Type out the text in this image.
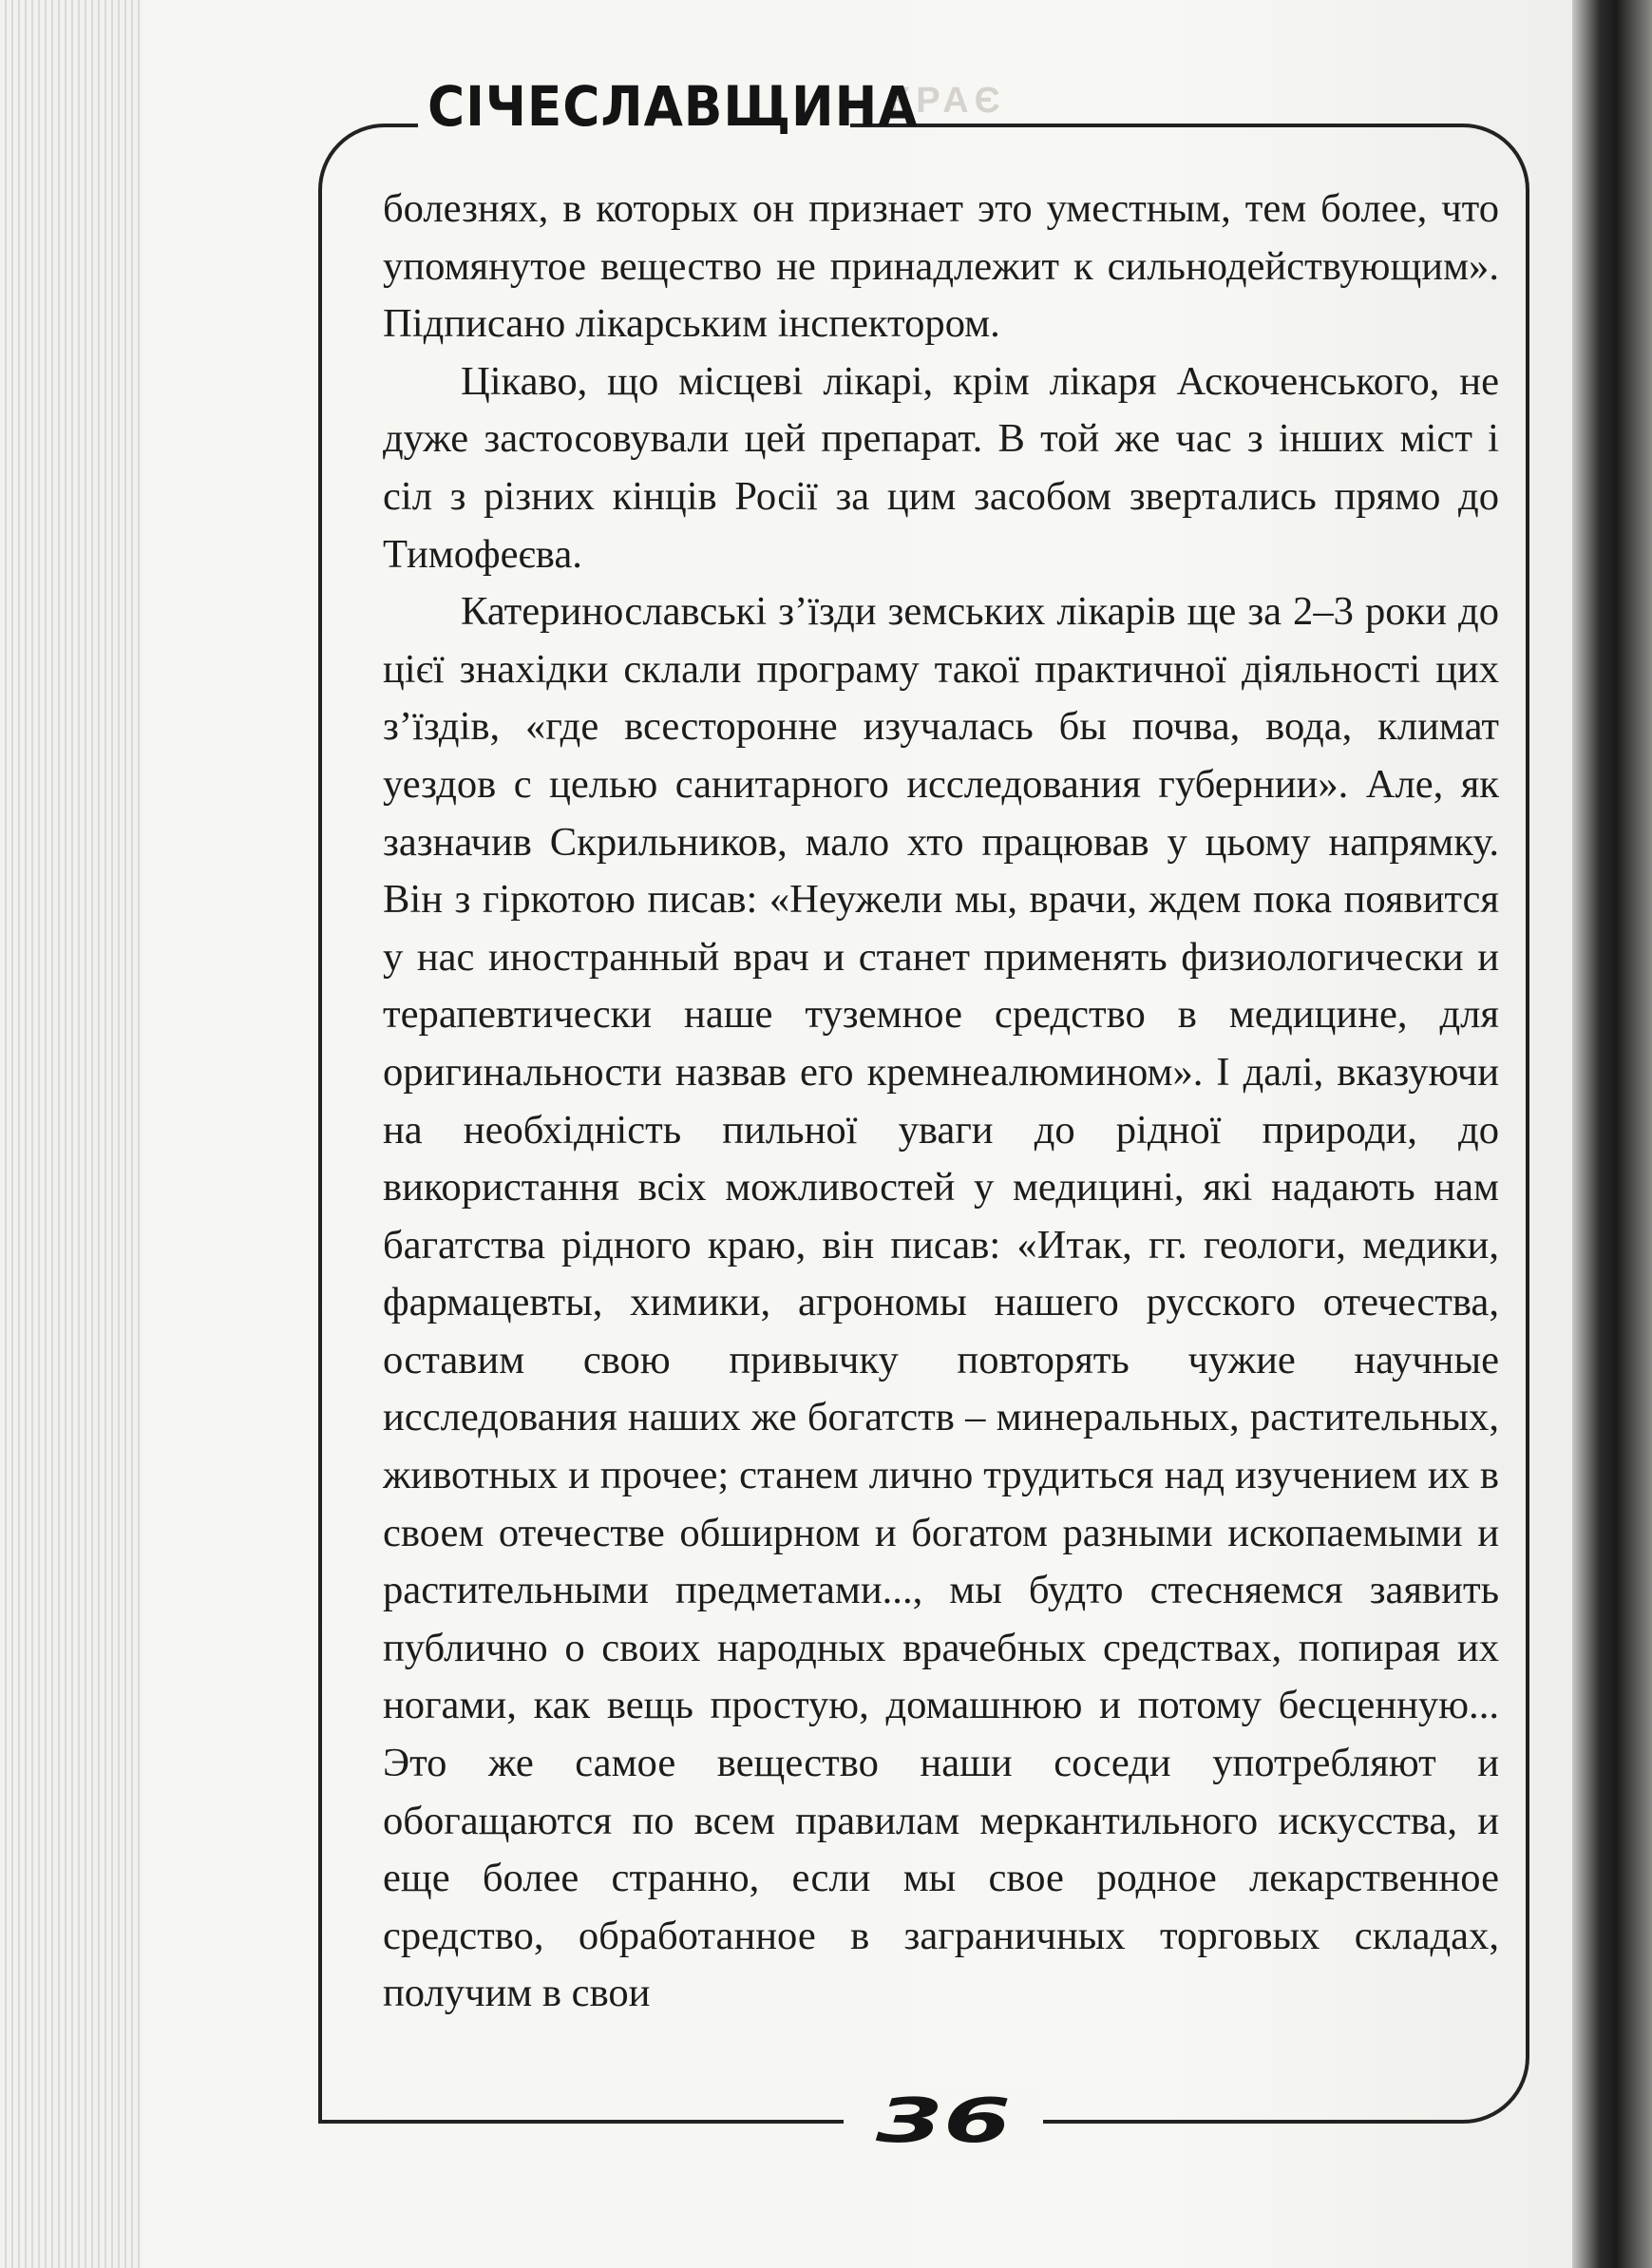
КРАЄ
СІЧЕСЛАВЩИНА

болезнях, в которых он признает это уместным, тем более, что упомянутое вещество не принадлежит к сильнодействующим». Підписано лікарським інспектором.

Цікаво, що місцеві лікарі, крім лікаря Аскоченського, не дуже застосовували цей препарат. В той же час з інших міст і сіл з різних кінців Росії за цим засобом звертались прямо до Тимофеєва.

Катеринославські з’їзди земських лікарів ще за 2–3 роки до цієї знахідки склали програму такої практичної діяльності цих з’їздів, «где всесторонне изучалась бы почва, вода, климат уездов с целью санитарного исследования губернии». Але, як зазначив Скрильников, мало хто працював у цьому напрямку. Він з гіркотою писав: «Неужели мы, врачи, ждем пока появится у нас иностранный врач и станет применять физиологически и терапевтически наше туземное средство в медицине, для оригинальности назвав его кремнеалюмином». І далі, вказуючи на необхідність пильної уваги до рідної природи, до використання всіх можливостей у медицині, які надають нам багатства рідного краю, він писав: «Итак, гг. геологи, медики, фармацевты, химики, агрономы нашего русского отечества, оставим свою привычку повторять чужие научные исследования наших же богатств – минеральных, растительных, животных и прочее; станем лично трудиться над изучением их в своем отечестве обширном и богатом разными ископаемыми и растительными предметами..., мы будто стесняемся заявить публично о своих народных врачебных средствах, попирая их ногами, как вещь простую, домашнюю и потому бесценную... Это же самое вещество наши соседи употребляют и обогащаются по всем правилам меркантильного искусства, и еще более странно, если мы свое родное лекарственное средство, обработанное в заграничных торговых складах, получим в свои

36
